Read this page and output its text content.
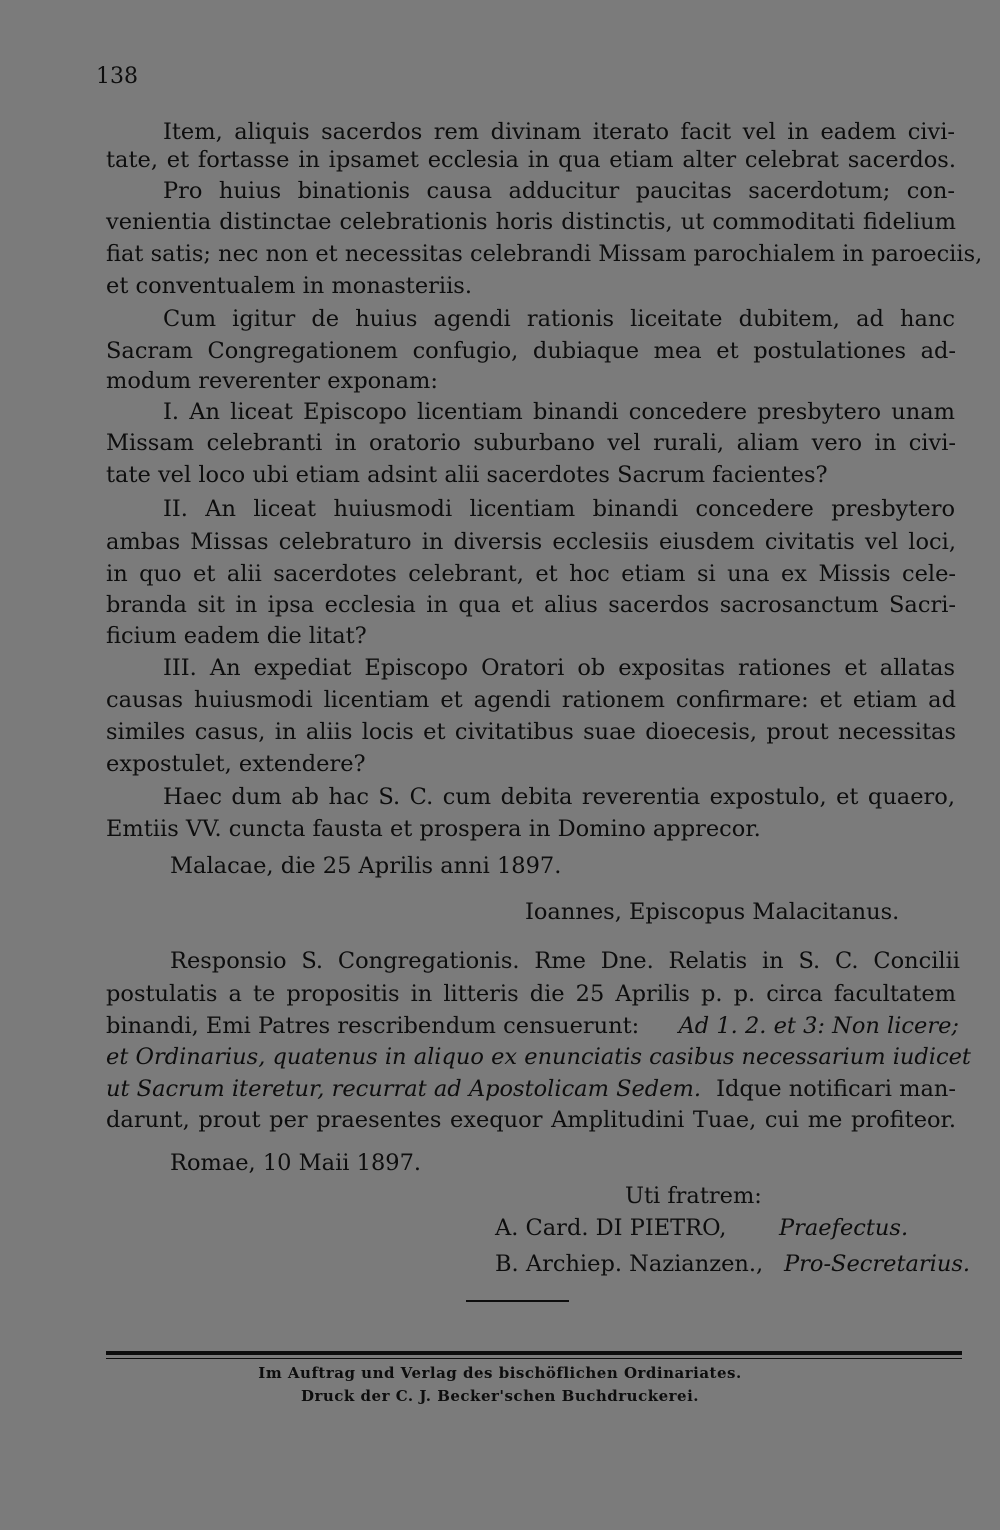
138
Item, aliquis sacerdos rem divinam iterato facit vel in eadem civi-
tate, et fortasse in ipsamet ecclesia in qua etiam alter celebrat sacerdos.
Pro huius binationis causa adducitur paucitas sacerdotum; con-
venientia distinctae celebrationis horis distinctis, ut commoditati fidelium
fiat satis; nec non et necessitas celebrandi Missam parochialem in paroeciis,
et conventualem in monasteriis.
Cum igitur de huius agendi rationis liceitate dubitem, ad hanc
Sacram Congregationem confugio, dubiaque mea et postulationes ad-
modum reverenter exponam:
I. An liceat Episcopo licentiam binandi concedere presbytero unam
Missam celebranti in oratorio suburbano vel rurali, aliam vero in civi-
tate vel loco ubi etiam adsint alii sacerdotes Sacrum facientes?
II. An liceat huiusmodi licentiam binandi concedere presbytero
ambas Missas celebraturo in diversis ecclesiis eiusdem civitatis vel loci,
in quo et alii sacerdotes celebrant, et hoc etiam si una ex Missis cele-
branda sit in ipsa ecclesia in qua et alius sacerdos sacrosanctum Sacri-
ficium eadem die litat?
III. An expediat Episcopo Oratori ob expositas rationes et allatas
causas huiusmodi licentiam et agendi rationem confirmare: et etiam ad
similes casus, in aliis locis et civitatibus suae dioecesis, prout necessitas
expostulet, extendere?
Haec dum ab hac S. C. cum debita reverentia expostulo, et quaero,
Emtiis VV. cuncta fausta et prospera in Domino apprecor.
Malacae, die 25 Aprilis anni 1897.
Ioannes, Episcopus Malacitanus.
Responsio S. Congregationis. Rme Dne. Relatis in S. C. Concilii
postulatis a te propositis in litteris die 25 Aprilis p. p. circa facultatem
binandi, Emi Patres rescribendum censuerunt:	Ad 1. 2. et 3: Non licere;
et Ordinarius, quatenus in aliquo ex enunciatis casibus necessarium iudicet
ut Sacrum iteretur, recurrat ad Apostolicam Sedem. Idque notificari man-
darunt, prout per praesentes exequor Amplitudini Tuae, cui me profiteor.
Romae, 10 Maii 1897.
Uti fratrem:
A. Card. DI PIETRO,	Praefectus.
B. Archiep. Nazianzen., Pro-Secretarius.
Im Auftrag und Verlag des bischöflichen Ordinariates.
Druck der C. J. Becker'schen Buchdruckerei.
